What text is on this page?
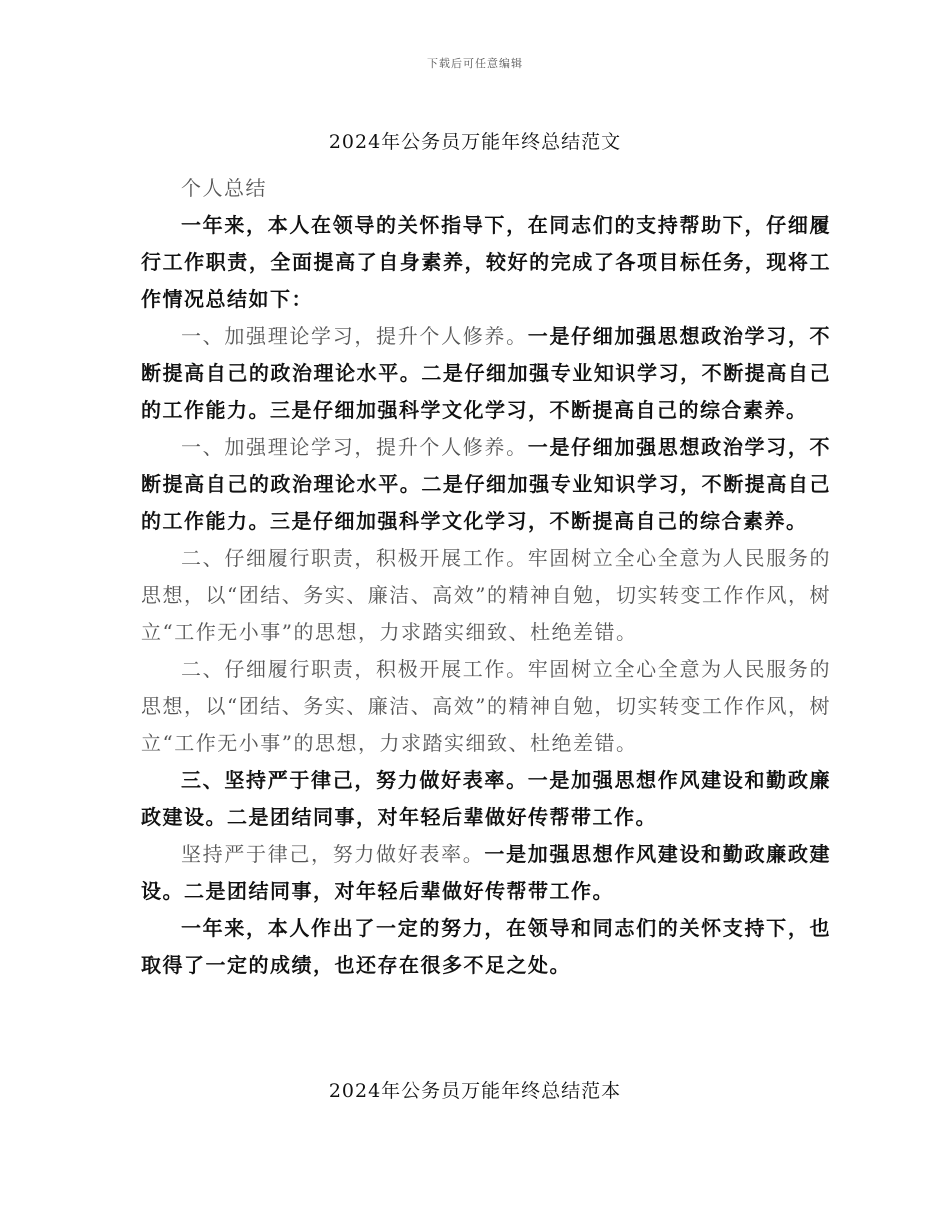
下载后可任意编辑
2024年公务员万能年终总结范文

个人总结

一年来，本人在领导的关怀指导下，在同志们的支持帮助下，仔细履行工作职责，全面提高了自身素养，较好的完成了各项目标任务，现将工作情况总结如下：

一、加强理论学习，提升个人修养。一是仔细加强思想政治学习，不断提高自己的政治理论水平。二是仔细加强专业知识学习，不断提高自己的工作能力。三是仔细加强科学文化学习，不断提高自己的综合素养。

一、加强理论学习，提升个人修养。一是仔细加强思想政治学习，不断提高自己的政治理论水平。二是仔细加强专业知识学习，不断提高自己的工作能力。三是仔细加强科学文化学习，不断提高自己的综合素养。

二、仔细履行职责，积极开展工作。牢固树立全心全意为人民服务的思想，以“团结、务实、廉洁、高效”的精神自勉，切实转变工作作风，树立“工作无小事”的思想，力求踏实细致、杜绝差错。

二、仔细履行职责，积极开展工作。牢固树立全心全意为人民服务的思想，以“团结、务实、廉洁、高效”的精神自勉，切实转变工作作风，树立“工作无小事”的思想，力求踏实细致、杜绝差错。

三、坚持严于律己，努力做好表率。一是加强思想作风建设和勤政廉政建设。二是团结同事，对年轻后辈做好传帮带工作。

坚持严于律己，努力做好表率。一是加强思想作风建设和勤政廉政建设。二是团结同事，对年轻后辈做好传帮带工作。

一年来，本人作出了一定的努力，在领导和同志们的关怀支持下，也取得了一定的成绩，也还存在很多不足之处。

2024年公务员万能年终总结范本
